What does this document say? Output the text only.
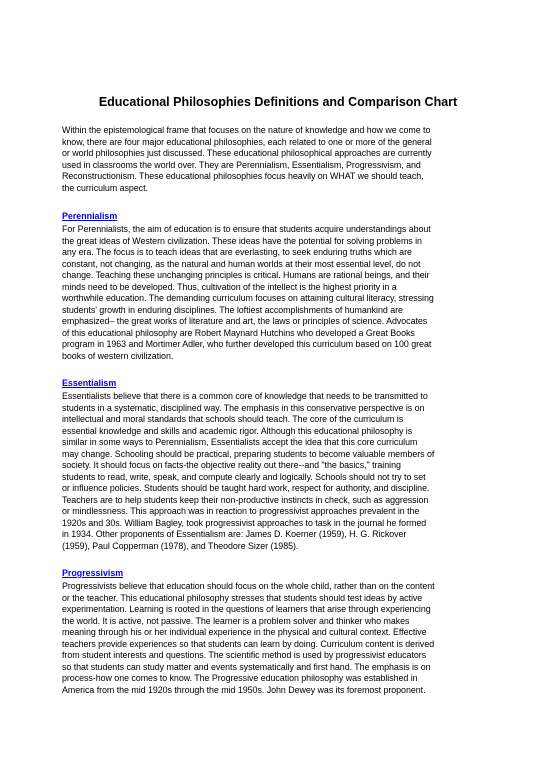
Educational Philosophies Definitions and Comparison Chart

Within the epistemological frame that focuses on the nature of knowledge and how we come to
know, there are four major educational philosophies, each related to one or more of the general
or world philosophies just discussed. These educational philosophical approaches are currently
used in classrooms the world over. They are Perennialism, Essentialism, Progressivism, and
Reconstructionism. These educational philosophies focus heavily on WHAT we should teach,
the curriculum aspect.

Perennialism
For Perennialists, the aim of education is to ensure that students acquire understandings about
the great ideas of Western civilization. These ideas have the potential for solving problems in
any era. The focus is to teach ideas that are everlasting, to seek enduring truths which are
constant, not changing, as the natural and human worlds at their most essential level, do not
change. Teaching these unchanging principles is critical. Humans are rational beings, and their
minds need to be developed. Thus, cultivation of the intellect is the highest priority in a
worthwhile education. The demanding curriculum focuses on attaining cultural literacy, stressing
students' growth in enduring disciplines. The loftiest accomplishments of humankind are
emphasized– the great works of literature and art, the laws or principles of science. Advocates
of this educational philosophy are Robert Maynard Hutchins who developed a Great Books
program in 1963 and Mortimer Adler, who further developed this curriculum based on 100 great
books of western civilization.
Essentialism
Essentialists believe that there is a common core of knowledge that needs to be transmitted to
students in a systematic, disciplined way. The emphasis in this conservative perspective is on
intellectual and moral standards that schools should teach. The core of the curriculum is
essential knowledge and skills and academic rigor. Although this educational philosophy is
similar in some ways to Perennialism, Essentialists accept the idea that this core curriculum
may change. Schooling should be practical, preparing students to become valuable members of
society. It should focus on facts-the objective reality out there--and "the basics," training
students to read, write, speak, and compute clearly and logically. Schools should not try to set
or influence policies. Students should be taught hard work, respect for authority, and discipline.
Teachers are to help students keep their non-productive instincts in check, such as aggression
or mindlessness. This approach was in reaction to progressivist approaches prevalent in the
1920s and 30s. William Bagley, took progressivist approaches to task in the journal he formed
in 1934. Other proponents of Essentialism are: James D. Koerner (1959), H. G. Rickover
(1959), Paul Copperman (1978), and Theodore Sizer (1985).
Progressivism
Progressivists believe that education should focus on the whole child, rather than on the content
or the teacher. This educational philosophy stresses that students should test ideas by active
experimentation. Learning is rooted in the questions of learners that arise through experiencing
the world. It is active, not passive. The learner is a problem solver and thinker who makes
meaning through his or her individual experience in the physical and cultural context. Effective
teachers provide experiences so that students can learn by doing. Curriculum content is derived
from student interests and questions. The scientific method is used by progressivist educators
so that students can study matter and events systematically and first hand. The emphasis is on
process-how one comes to know. The Progressive education philosophy was established in
America from the mid 1920s through the mid 1950s. John Dewey was its foremost proponent.
